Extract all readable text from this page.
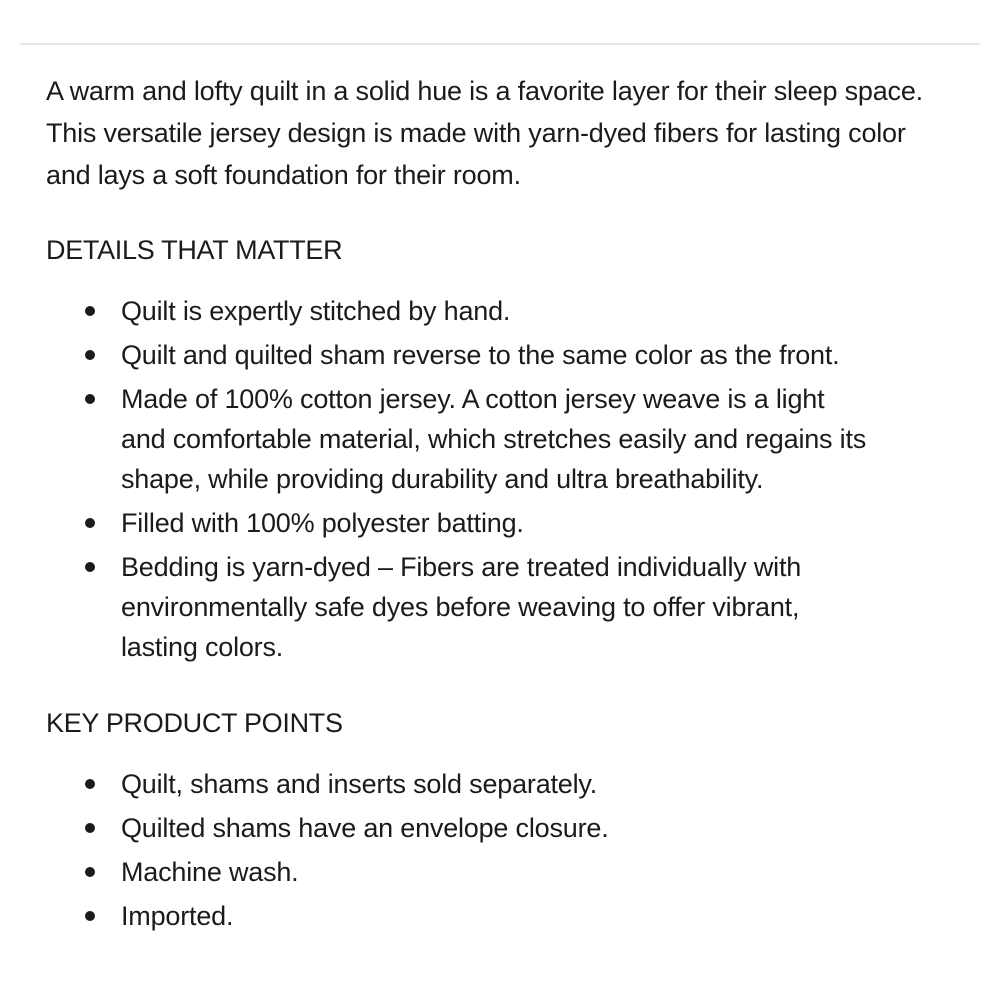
A warm and lofty quilt in a solid hue is a favorite layer for their sleep space. This versatile jersey design is made with yarn-dyed fibers for lasting color and lays a soft foundation for their room.

DETAILS THAT MATTER
Quilt is expertly stitched by hand.
Quilt and quilted sham reverse to the same color as the front.
Made of 100% cotton jersey. A cotton jersey weave is a light and comfortable material, which stretches easily and regains its shape, while providing durability and ultra breathability.
Filled with 100% polyester batting.
Bedding is yarn-dyed – Fibers are treated individually with environmentally safe dyes before weaving to offer vibrant, lasting colors.
KEY PRODUCT POINTS
Quilt, shams and inserts sold separately.
Quilted shams have an envelope closure.
Machine wash.
Imported.
